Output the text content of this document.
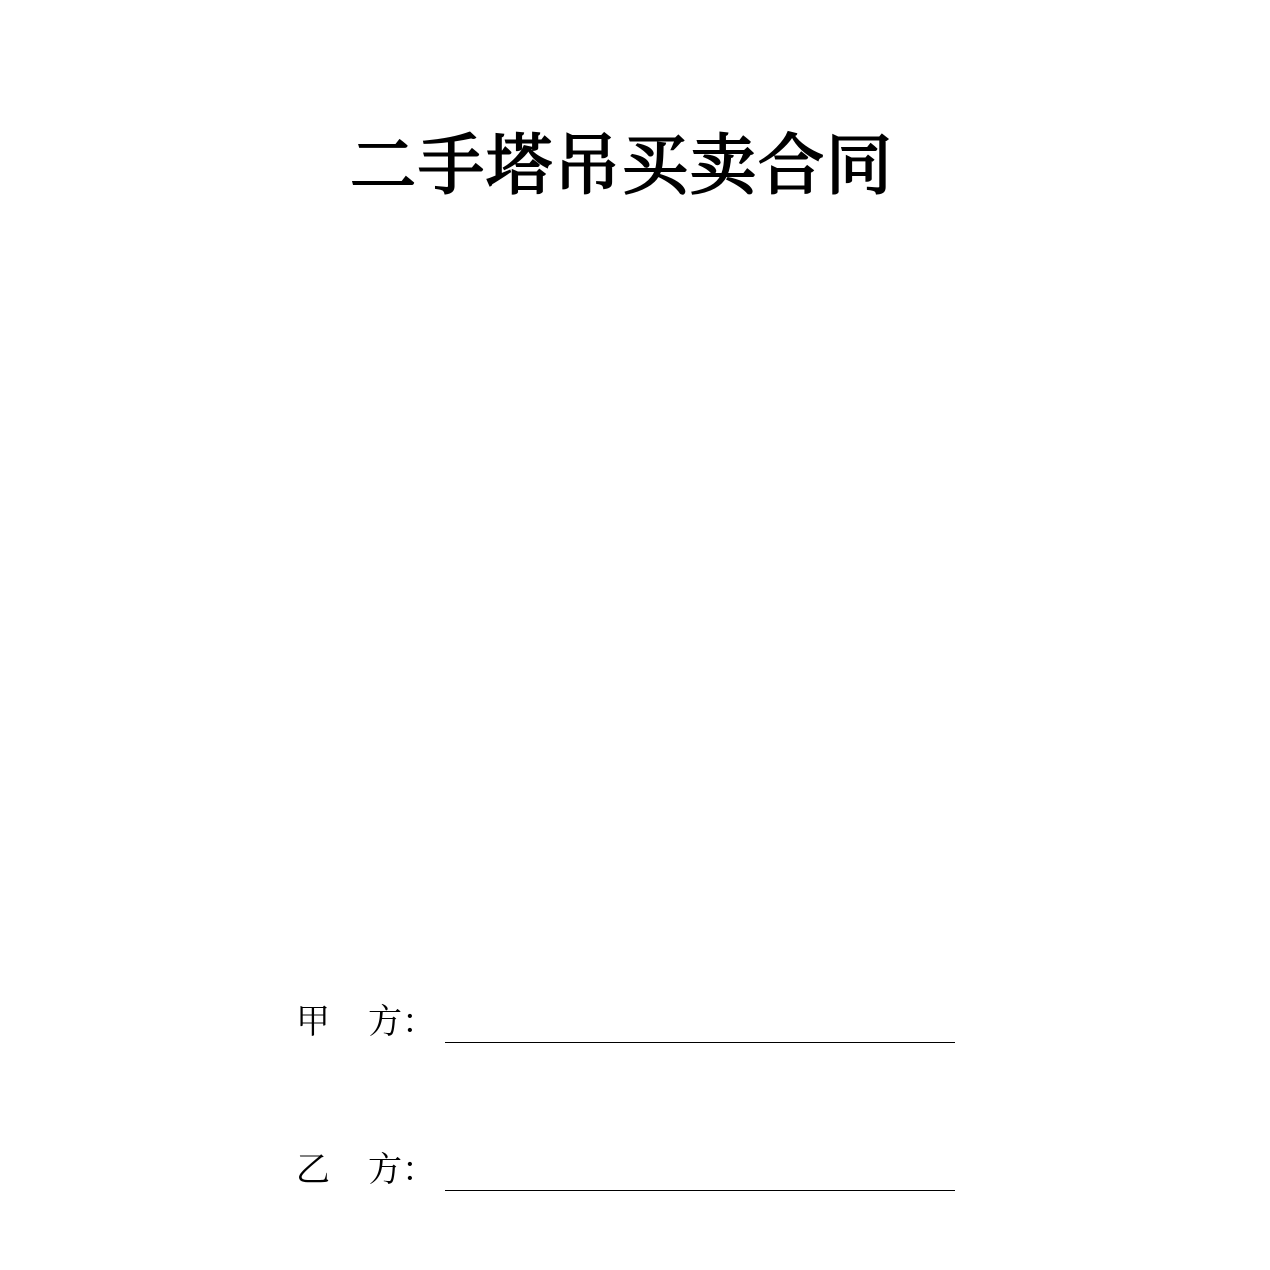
二手塔吊买卖合同
甲 方：
乙 方：
